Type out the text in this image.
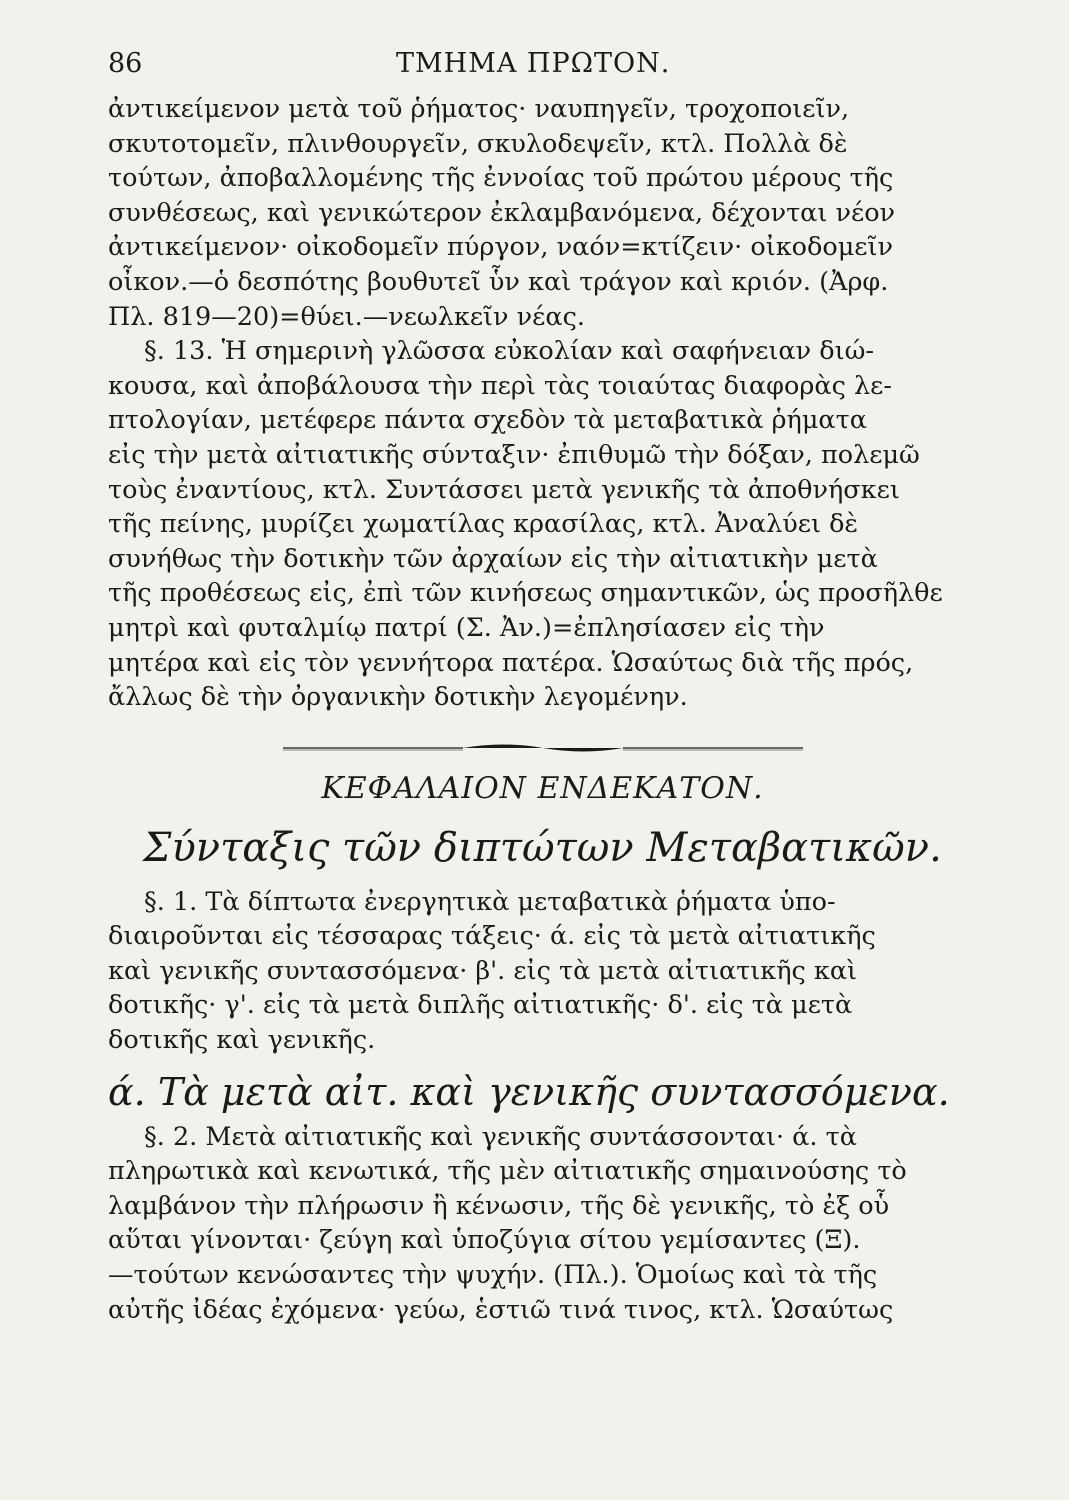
86	ΤΜΗΜΑ ΠΡΩΤΟΝ.
ἀντικείμενον μετὰ τοῦ ῥήματος· ναυπηγεῖν, τροχοποιεῖν,
σκυτοτομεῖν, πλινθουργεῖν, σκυλοδεψεῖν, κτλ. Πολλὰ δὲ
τούτων, ἀποβαλλομένης τῆς ἐννοίας τοῦ πρώτου μέρους τῆς
συνθέσεως, καὶ γενικώτερον ἐκλαμβανόμενα, δέχονται νέον
ἀντικείμενον· οἰκοδομεῖν πύργον, ναόν=κτίζειν· οἰκοδομεῖν
οἶκον.—ὁ δεσπότης βουθυτεῖ ὗν καὶ τράγον καὶ κριόν. (Ἀρφ.
Πλ. 819—20)=θύει.—νεωλκεῖν νέας.
§. 13. Ἡ σημερινὴ γλῶσσα εὐκολίαν καὶ σαφήνειαν διώ-
κουσα, καὶ ἀποβάλουσα τὴν περὶ τὰς τοιαύτας διαφορὰς λε-
πτολογίαν, μετέφερε πάντα σχεδὸν τὰ μεταβατικὰ ῥήματα
εἰς τὴν μετὰ αἰτιατικῆς σύνταξιν· ἐπιθυμῶ τὴν δόξαν, πολεμῶ
τοὺς ἐναντίους, κτλ. Συντάσσει μετὰ γενικῆς τὰ ἀποθνήσκει
τῆς πείνης, μυρίζει χωματίλας κρασίλας, κτλ. Ἀναλύει δὲ
συνήθως τὴν δοτικὴν τῶν ἀρχαίων εἰς τὴν αἰτιατικὴν μετὰ
τῆς προθέσεως εἰς, ἐπὶ τῶν κινήσεως σημαντικῶν, ὡς προσῆλθε
μητρὶ καὶ φυταλμίῳ πατρί (Σ. Ἀν.)=ἐπλησίασεν εἰς τὴν
μητέρα καὶ εἰς τὸν γεννήτορα πατέρα. Ὡσαύτως διὰ τῆς πρός,
ἄλλως δὲ τὴν ὀργανικὴν δοτικὴν λεγομένην.
ΚΕΦΑΛΑΙΟΝ ΕΝΔΕΚΑΤΟΝ.
Σύνταξις τῶν διπτώτων Μεταβατικῶν.
§. 1. Τὰ δίπτωτα ἐνεργητικὰ μεταβατικὰ ῥήματα ὑπο-
διαιροῦνται εἰς τέσσαρας τάξεις· ά. εἰς τὰ μετὰ αἰτιατικῆς
καὶ γενικῆς συντασσόμενα· β'. εἰς τὰ μετὰ αἰτιατικῆς καὶ
δοτικῆς· γ'. εἰς τὰ μετὰ διπλῆς αἰτιατικῆς· δ'. εἰς τὰ μετὰ
δοτικῆς καὶ γενικῆς.
ά. Τὰ μετὰ αἰτ. καὶ γενικῆς συντασσόμενα.
§. 2. Μετὰ αἰτιατικῆς καὶ γενικῆς συντάσσονται· ά. τὰ
πληρωτικὰ καὶ κενωτικά, τῆς μὲν αἰτιατικῆς σημαινούσης τὸ
λαμβάνον τὴν πλήρωσιν ἢ κένωσιν, τῆς δὲ γενικῆς, τὸ ἐξ οὗ
αὕται γίνονται· ζεύγη καὶ ὑποζύγια σίτου γεμίσαντες (Ξ).
—τούτων κενώσαντες τὴν ψυχήν. (Πλ.). Ὁμοίως καὶ τὰ τῆς
αὐτῆς ἰδέας ἐχόμενα· γεύω, ἑστιῶ τινά τινος, κτλ. Ὡσαύτως
